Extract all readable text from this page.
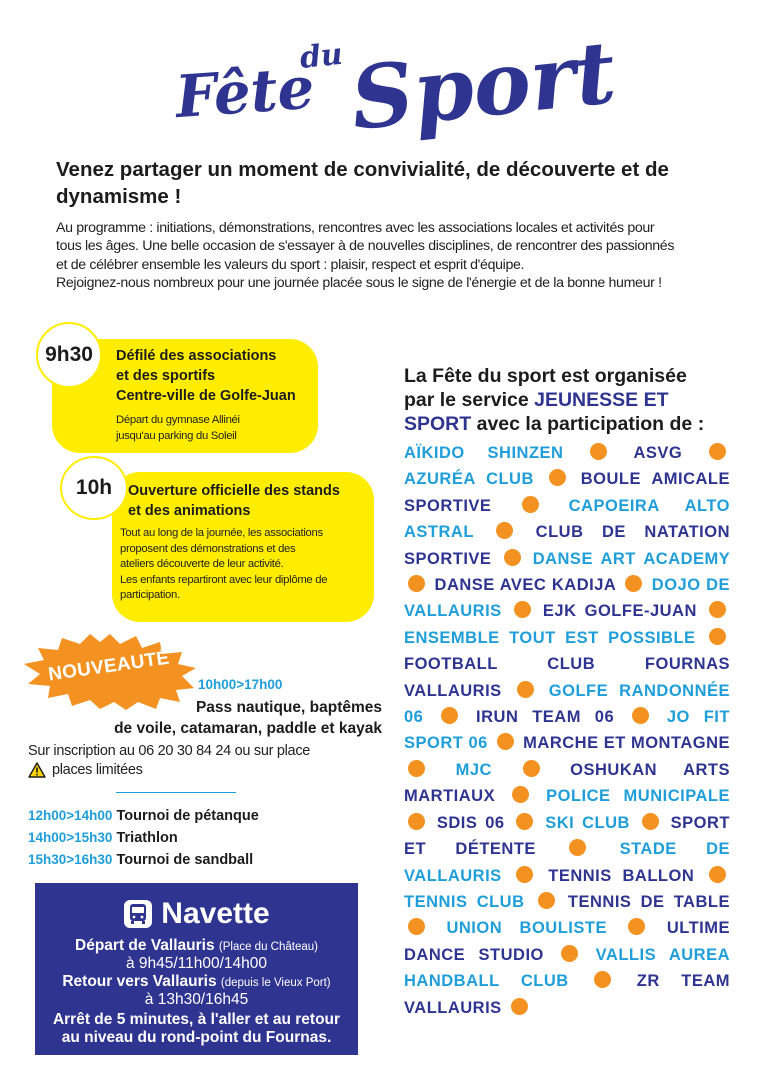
Fête
du Sport
Venez partager un moment de convivialité, de découverte et de dynamisme !

Au programme : initiations, démonstrations, rencontres avec les associations locales et activités pour

tous les âges. Une belle occasion de s'essayer à de nouvelles disciplines, de rencontrer des passionnés

et de célébrer ensemble les valeurs du sport : plaisir, respect et esprit d'équipe.

Rejoignez-nous nombreux pour une journée placée sous le signe de l'énergie et de la bonne humeur !

9h30	Défilé des associations
et des sportifs
Centre-ville de Golfe-Juan
Départ du gymnase Allinéi
jusqu'au parking du Soleil
10h	Ouverture officielle des stands
et des animations
Tout au long de la journée, les associations
proposent des démonstrations et des
ateliers découverte de leur activité.
Les enfants repartiront avec leur diplôme de
participation.
NOUVEAUTÉ	10h00>17h00
Pass nautique, baptêmes
de voile, catamaran, paddle et kayak
Sur inscription au 06 20 30 84 24 ou sur place
places limitées
12h00>14h00 Tournoi de pétanque
14h00>15h30 Triathlon
15h30>16h30 Tournoi de sandball
Navette
Départ de Vallauris (Place du Château)
à 9h45/11h00/14h00
Retour vers Vallauris (depuis le Vieux Port)
à 13h30/16h45
Arrêt de 5 minutes, à l'aller et au retour
au niveau du rond-point du Fournas.
La Fête du sport est organisée
par le service JEUNESSE ET SPORT avec la participation de :
AÏKIDO SHINZEN	ASVG  AZURÉA CLUB	BOULE AMICALE SPORTIVE	CAPOEIRA ALTO ASTRAL	CLUB DE NATATION SPORTIVE	DANSE ART ACADEMY  DANSE AVEC KADIJA DOJO DE VALLAURIS EJK GOLFE-JUAN  ENSEMBLE TOUT EST POSSIBLE  FOOTBALL CLUB FOURNAS VALLAURIS	GOLFE RANDONNÉE 06	IRUN TEAM 06	JO FIT SPORT 06 MARCHE ET MONTAGNE  MJC	OSHUKAN ARTS MARTIAUX	POLICE MUNICIPALE  SDIS 06 SKI CLUB SPORT ET DÉTENTE	STADE DE VALLAURIS	TENNIS BALLON  TENNIS CLUB	TENNIS DE TABLE  UNION BOULISTE	ULTIME DANCE STUDIO	VALLIS AUREA HANDBALL CLUB	ZR TEAM VALLAURIS
